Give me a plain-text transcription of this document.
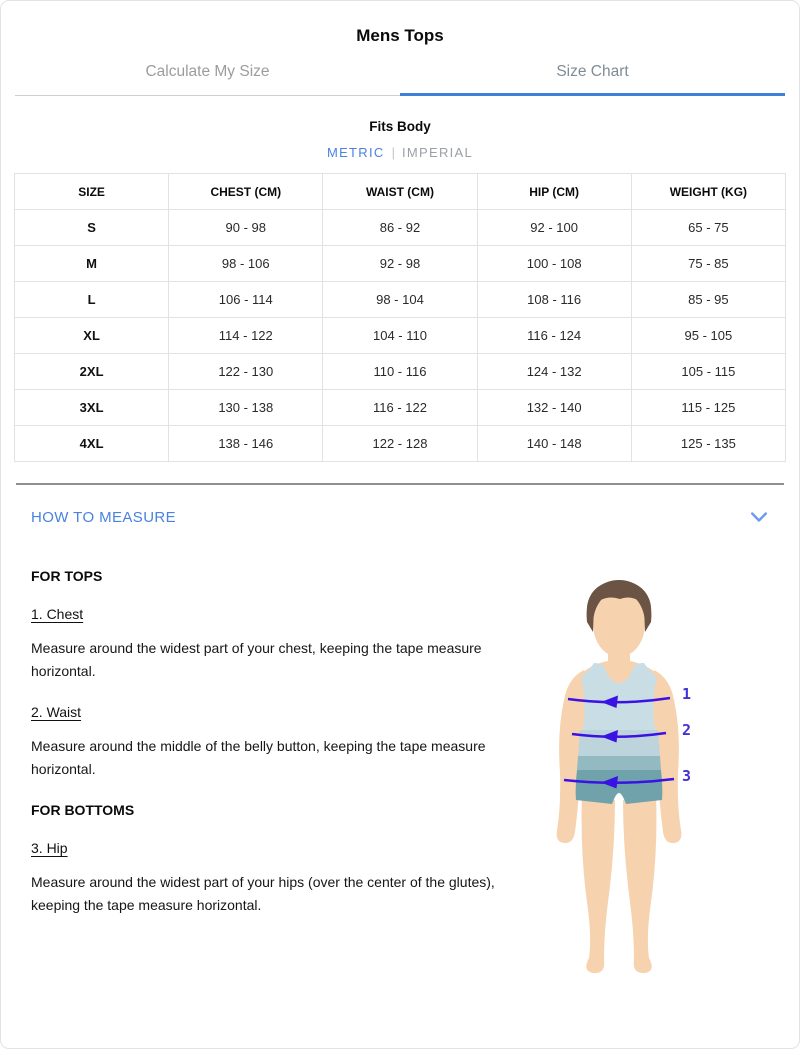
Mens Tops
Calculate My Size	Size Chart
Fits Body
METRIC | IMPERIAL
SIZE	CHEST (CM)	WAIST (CM)	HIP (CM)	WEIGHT (KG)
S	90 - 98	86 - 92	92 - 100	65 - 75
M	98 - 106	92 - 98	100 - 108	75 - 85
L	106 - 114	98 - 104	108 - 116	85 - 95
XL	114 - 122	104 - 110	116 - 124	95 - 105
2XL	122 - 130	110 - 116	124 - 132	105 - 115
3XL	130 - 138	116 - 122	132 - 140	115 - 125
4XL	138 - 146	122 - 128	140 - 148	125 - 135
HOW TO MEASURE
FOR TOPS
1. Chest

Measure around the widest part of your chest, keeping the tape measure horizontal.

2. Waist

Measure around the middle of the belly button, keeping the tape measure horizontal.

FOR BOTTOMS
3. Hip

Measure around the widest part of your hips (over the center of the glutes), keeping the tape measure horizontal.

1
2
3
